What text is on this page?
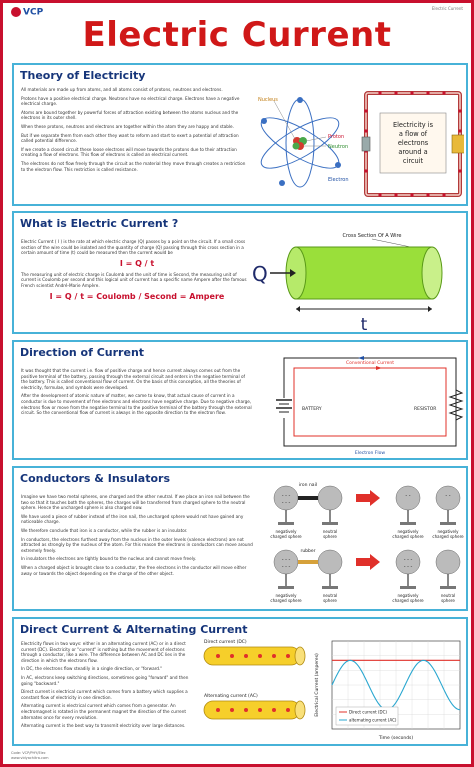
VCP	Electric Current
Electric Current
Theory of Electricity

All materials are made up from atoms, and all atoms consist of protons, neutrons and electrons.

Protons have a positive electrical charge. Neutrons have no electrical charge. Electrons have a negative electrical charge.

Atoms are bound together by powerful forces of attraction existing between the atoms nucleus and the electrons in its outer shell.

When these protons, neutrons and electrons are together within the atom they are happy and stable.

But if we separate them from each other they want to reform and start to exert a potential of attraction called potential difference.

If we create a closed circuit these loose electrons will move towards the protons due to their attraction creating a flow of electrons. This flow of electrons is called an electrical current.

The electrons do not flow freely through the circuit as the material they move through creates a restriction to the electron flow. This restriction is called resistance.

Nucleus
Proton
Neutron
Electron
Electricity is
a flow of
electrons
around a
circuit
What is Electric Current ?

Electric Current ( I ) is the rate at which electric charge (Q) passes by a point on the circuit. If a small cross section of the wire could be isolated and the quantity of charge (Q) passing through this cross section in a certain amount of time (t) could be measured then the current would be

I = Q / t

The measuring unit of electric charge is Coulomb and the unit of time is Second, the measuring unit of current is Coulomb per second and this logical unit of current has a specific name Ampere after the famous French scientist André-Marie Ampère.

I = Q / t = Coulomb / Second = Ampere

Cross Section Of A Wire
Q
t
Direction of Current

It was thought that the current i.e. flow of positive charge and hence current always comes out from the positive terminal of the battery, passing through the external circuit and enters in the negative terminal of the battery. This is called conventional flow of current. On the basis of this conception, all the theories of electricity, formulae, and symbols were developed.

After the development of atomic nature of matter, we came to know, that actual cause of current in a conductor is due to movement of free electrons and electrons have negative charge. Due to negative charge, electrons flow or move from the negative terminal to the positive terminal of the battery through the external circuit. So the conventional flow of current is always in the opposite direction to the electron flow.

BATTERY	RESISTOR
Conventional Current
Electron Flow
Conductors & Insulators

Imagine we have two metal spheres, one charged and the other neutral. If we place an iron nail between the two so that it touches both the spheres, the charges will be transferred from charged sphere to the neutral sphere. Hence the uncharged sphere is also charged now.

We have used a piece of rubber instead of the iron nail, the uncharged sphere would not have gained any noticeable charge.

We therefore conclude that iron is a conductor, while the rubber is an insulator.

In conductors, the electrons furthest away from the nucleus in the outer levels (valence electrons) are not attracted as strongly by the nucleus of the atom. For this reason the electrons in conductors can move around extremely freely.

In insulators the electrons are tightly bound to the nucleus and cannot move freely.

When a charged object is brought close to a conductor, the free electrons in the conductor will move either away or towards the object depending on the charge of the other object.

- - -
- - -
- -	- -
- - -
- - -
- - -
- - -
iron nail
rubber
negatively
charged sphere
neutral
sphere
negatively
charged sphere
negatively
charged sphere
negatively
charged sphere
neutral
sphere
negatively
charged sphere
neutral
sphere
Direct Current & Alternating Current

Electricity flows in two ways: either in an alternating current (AC) or in a direct current (DC). Electricity or "current" is nothing but the movement of electrons through a conductor, like a wire. The difference between AC and DC lies in the direction in which the electrons flow.

In DC, the electrons flow steadily in a single direction, or "forward."

In AC, electrons keep switching directions, sometimes going "forward" and then going "backward."

Direct current is electrical current which comes from a battery which supplies a constant flow of electricity in one direction.

Alternating current is electrical current which comes from a generator. An electromagnet is rotated in the permanent magnet the direction of the current alternates once for every revolution.

Alternating current is the best way to transmit electricity over large distances.

Direct current (DC)
Alternating current (AC)	Electrical Current (amperes)
Time (seconds)
Direct current (DC)
alternating current (AC)
Code: VCP/PHY/Elec
www.vidyachitra.com
